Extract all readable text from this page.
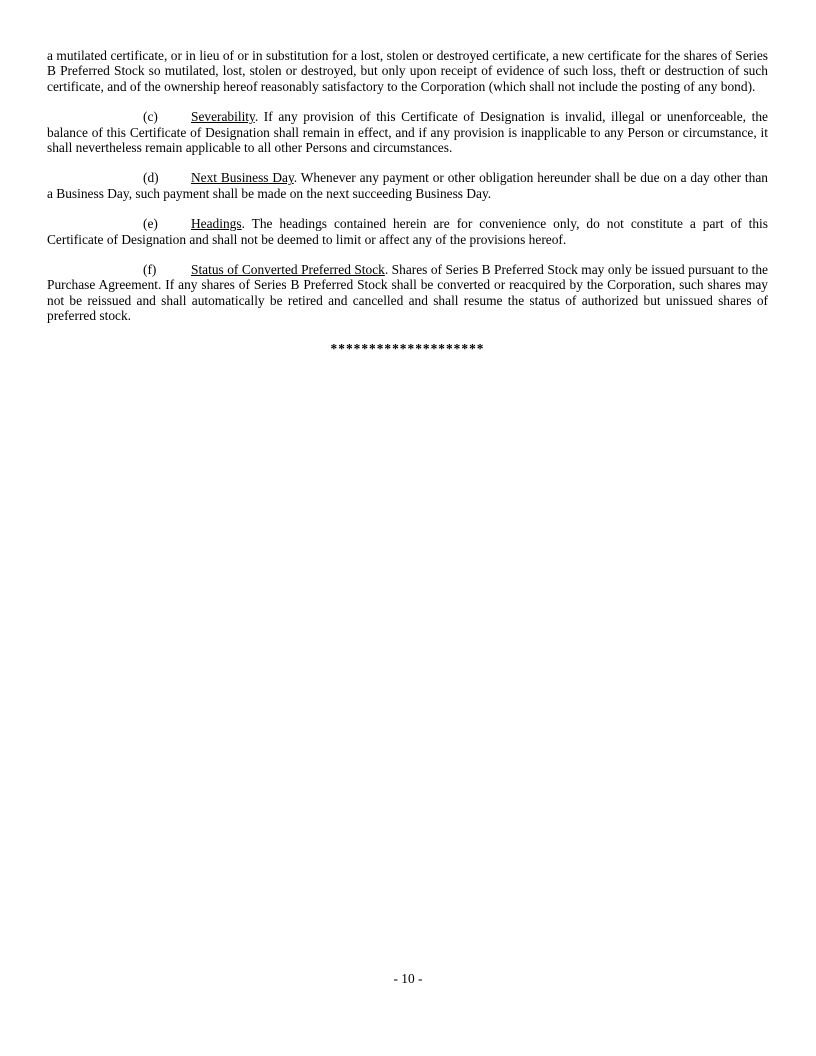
a mutilated certificate, or in lieu of or in substitution for a lost, stolen or destroyed certificate, a new certificate for the shares of Series B Preferred Stock so mutilated, lost, stolen or destroyed, but only upon receipt of evidence of such loss, theft or destruction of such certificate, and of the ownership hereof reasonably satisfactory to the Corporation (which shall not include the posting of any bond).

(c) Severability. If any provision of this Certificate of Designation is invalid, illegal or unenforceable, the balance of this Certificate of Designation shall remain in effect, and if any provision is inapplicable to any Person or circumstance, it shall nevertheless remain applicable to all other Persons and circumstances.

(d) Next Business Day. Whenever any payment or other obligation hereunder shall be due on a day other than a Business Day, such payment shall be made on the next succeeding Business Day.

(e) Headings. The headings contained herein are for convenience only, do not constitute a part of this Certificate of Designation and shall not be deemed to limit or affect any of the provisions hereof.

(f)	Status of Converted Preferred Stock. Shares of Series B Preferred Stock may only be issued pursuant to the Purchase Agreement. If any shares of Series B Preferred Stock shall be converted or reacquired by the Corporation, such shares may not be reissued and shall automatically be retired and cancelled and shall resume the status of authorized but unissued shares of preferred stock.

********************

- 10 -
